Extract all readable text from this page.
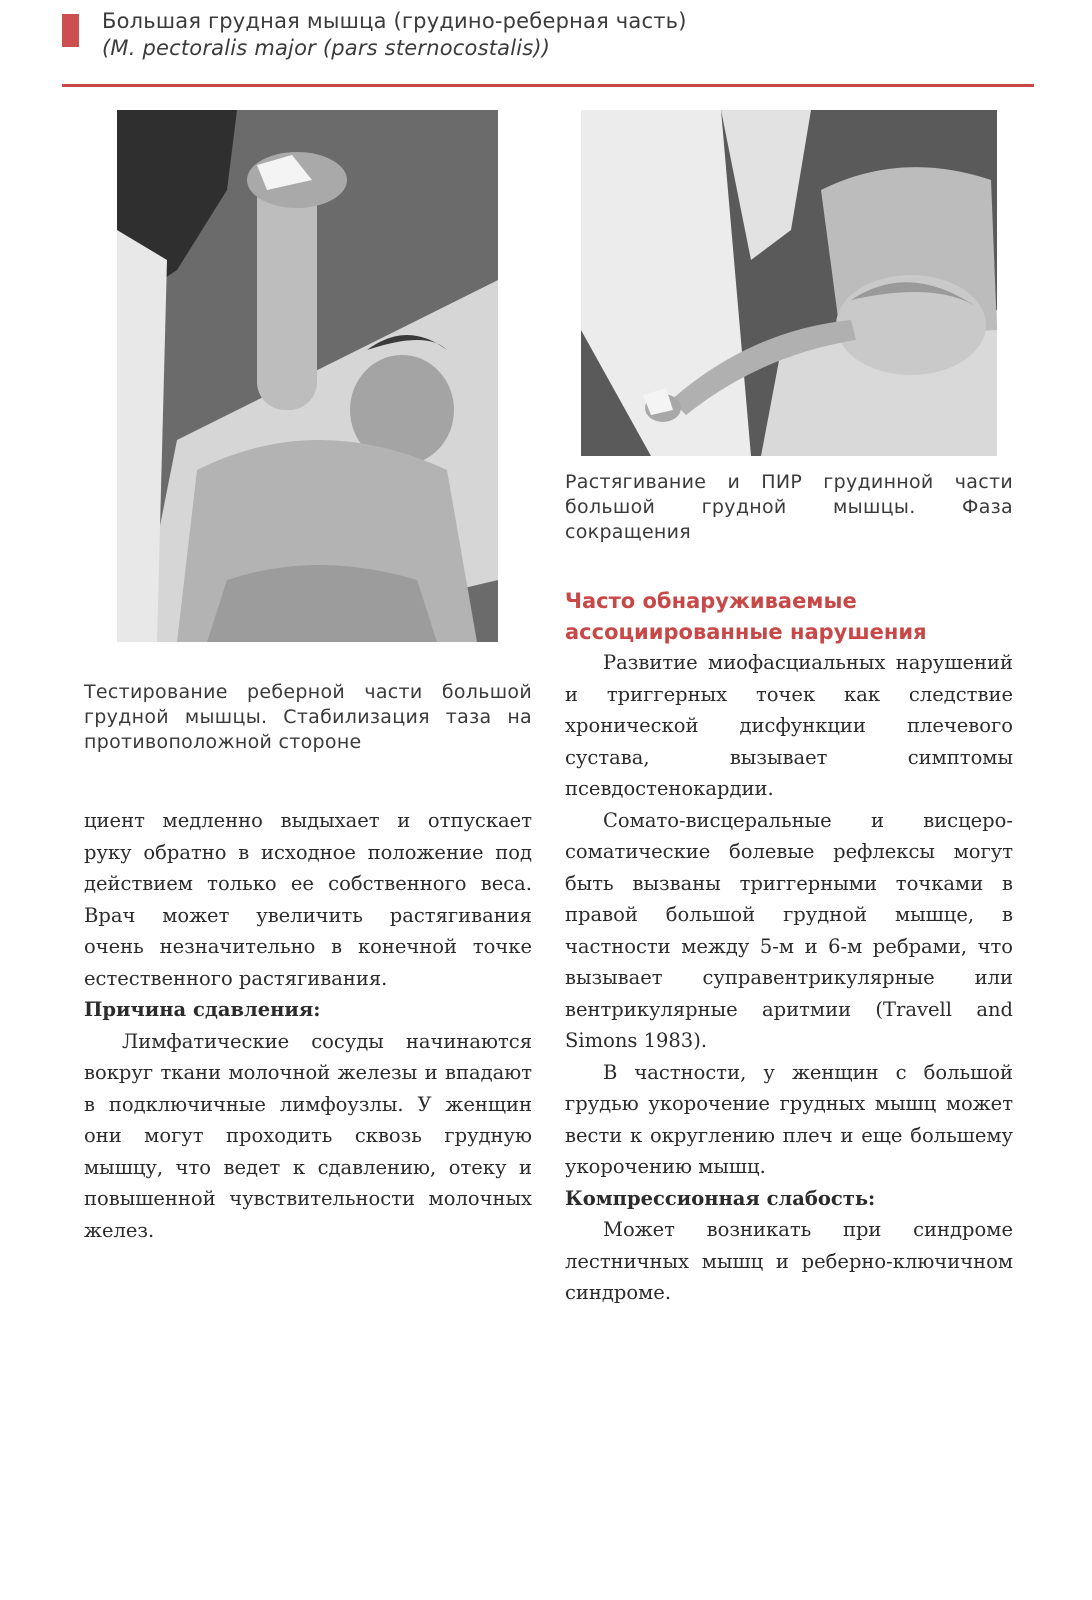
Большая грудная мышца (грудино-реберная часть)
(M. pectoralis major (pars sternocostalis))
Тестирование реберной части большой грудной мышцы. Стабилизация таза на противоположной стороне
Растягивание и ПИР грудинной части большой грудной мышцы. Фаза сокращения

циент медленно выдыхает и отпускает руку обратно в исходное положение под действием только ее собственного веса. Врач может увеличить растягивания очень незначительно в конечной точке естественного растягивания.

Причина сдавления:

Лимфатические сосуды начинаются вокруг ткани молочной железы и впадают в подключичные лимфоузлы. У женщин они могут проходить сквозь грудную мышцу, что ведет к сдавлению, отеку и повышенной чувствительности молочных желез.

Часто обнаруживаемые ассоциированные нарушения

Развитие миофасциальных нарушений и триггерных точек как следствие хронической дисфункции плечевого сустава, вызывает симптомы псевдостенокардии.

Сомато-висцеральные и висцеро-соматические болевые рефлексы могут быть вызваны триггерными точками в правой большой грудной мышце, в частности между 5-м и 6-м ребрами, что вызывает суправентрикулярные или вентрикулярные аритмии (Travell and Simons 1983).

В частности, у женщин с большой грудью укорочение грудных мышц может вести к округлению плеч и еще большему укорочению мышц.

Компрессионная слабость:

Может возникать при синдроме лестничных мышц и реберно-ключичном синдроме.
